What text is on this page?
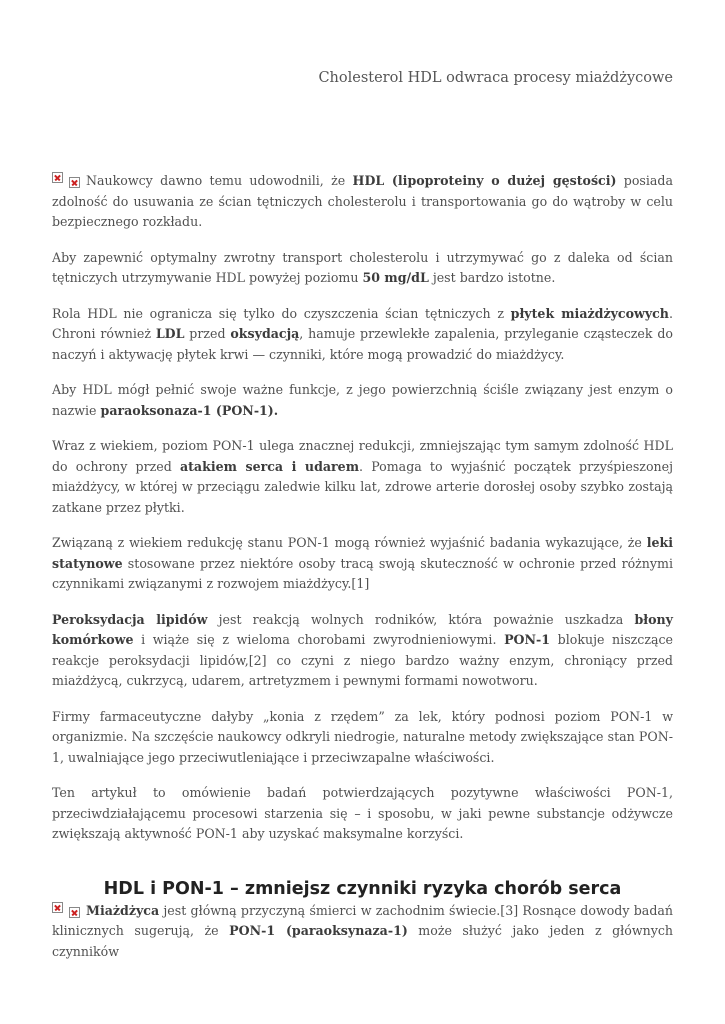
Cholesterol HDL odwraca procesy miażdżycowe

Naukowcy dawno temu udowodnili, że HDL (lipoproteiny o dużej gęstości) posiada zdolność do usuwania ze ścian tętniczych cholesterolu i transportowania go do wątroby w celu bezpiecznego rozkładu.

Aby zapewnić optymalny zwrotny transport cholesterolu i utrzymywać go z daleka od ścian tętniczych utrzymywanie HDL powyżej poziomu 50 mg/dL jest bardzo istotne.

Rola HDL nie ogranicza się tylko do czyszczenia ścian tętniczych z płytek miażdżycowych. Chroni również LDL przed oksydacją, hamuje przewlekłe zapalenia, przyleganie cząsteczek do naczyń i aktywację płytek krwi — czynniki, które mogą prowadzić do miażdżycy.

Aby HDL mógł pełnić swoje ważne funkcje, z jego powierzchnią ściśle związany jest enzym o nazwie paraoksonaza-1 (PON-1).

Wraz z wiekiem, poziom PON-1 ulega znacznej redukcji, zmniejszając tym samym zdolność HDL do ochrony przed atakiem serca i udarem. Pomaga to wyjaśnić początek przyśpieszonej miażdżycy, w której w przeciągu zaledwie kilku lat, zdrowe arterie dorosłej osoby szybko zostają zatkane przez płytki.

Związaną z wiekiem redukcję stanu PON-1 mogą również wyjaśnić badania wykazujące, że leki statynowe stosowane przez niektóre osoby tracą swoją skuteczność w ochronie przed różnymi czynnikami związanymi z rozwojem miażdżycy.[1]

Peroksydacja lipidów jest reakcją wolnych rodników, która poważnie uszkadza błony komórkowe i wiąże się z wieloma chorobami zwyrodnieniowymi. PON-1 blokuje niszczące reakcje peroksydacji lipidów,[2] co czyni z niego bardzo ważny enzym, chroniący przed miażdżycą, cukrzycą, udarem, artretyzmem i pewnymi formami nowotworu.

Firmy farmaceutyczne dałyby „konia z rzędem” za lek, który podnosi poziom PON-1 w organizmie. Na szczęście naukowcy odkryli niedrogie, naturalne metody zwiększające stan PON-1, uwalniające jego przeciwutleniające i przeciwzapalne właściwości.

Ten artykuł to omówienie badań potwierdzających pozytywne właściwości PON-1, przeciwdziałającemu procesowi starzenia się – i sposobu, w jaki pewne substancje odżywcze zwiększają aktywność PON-1 aby uzyskać maksymalne korzyści.

HDL i PON-1 – zmniejsz czynniki ryzyka chorób serca

Miażdżyca jest główną przyczyną śmierci w zachodnim świecie.[3] Rosnące dowody badań klinicznych sugerują, że PON-1 (paraoksynaza-1) może służyć jako jeden z głównych czynników
